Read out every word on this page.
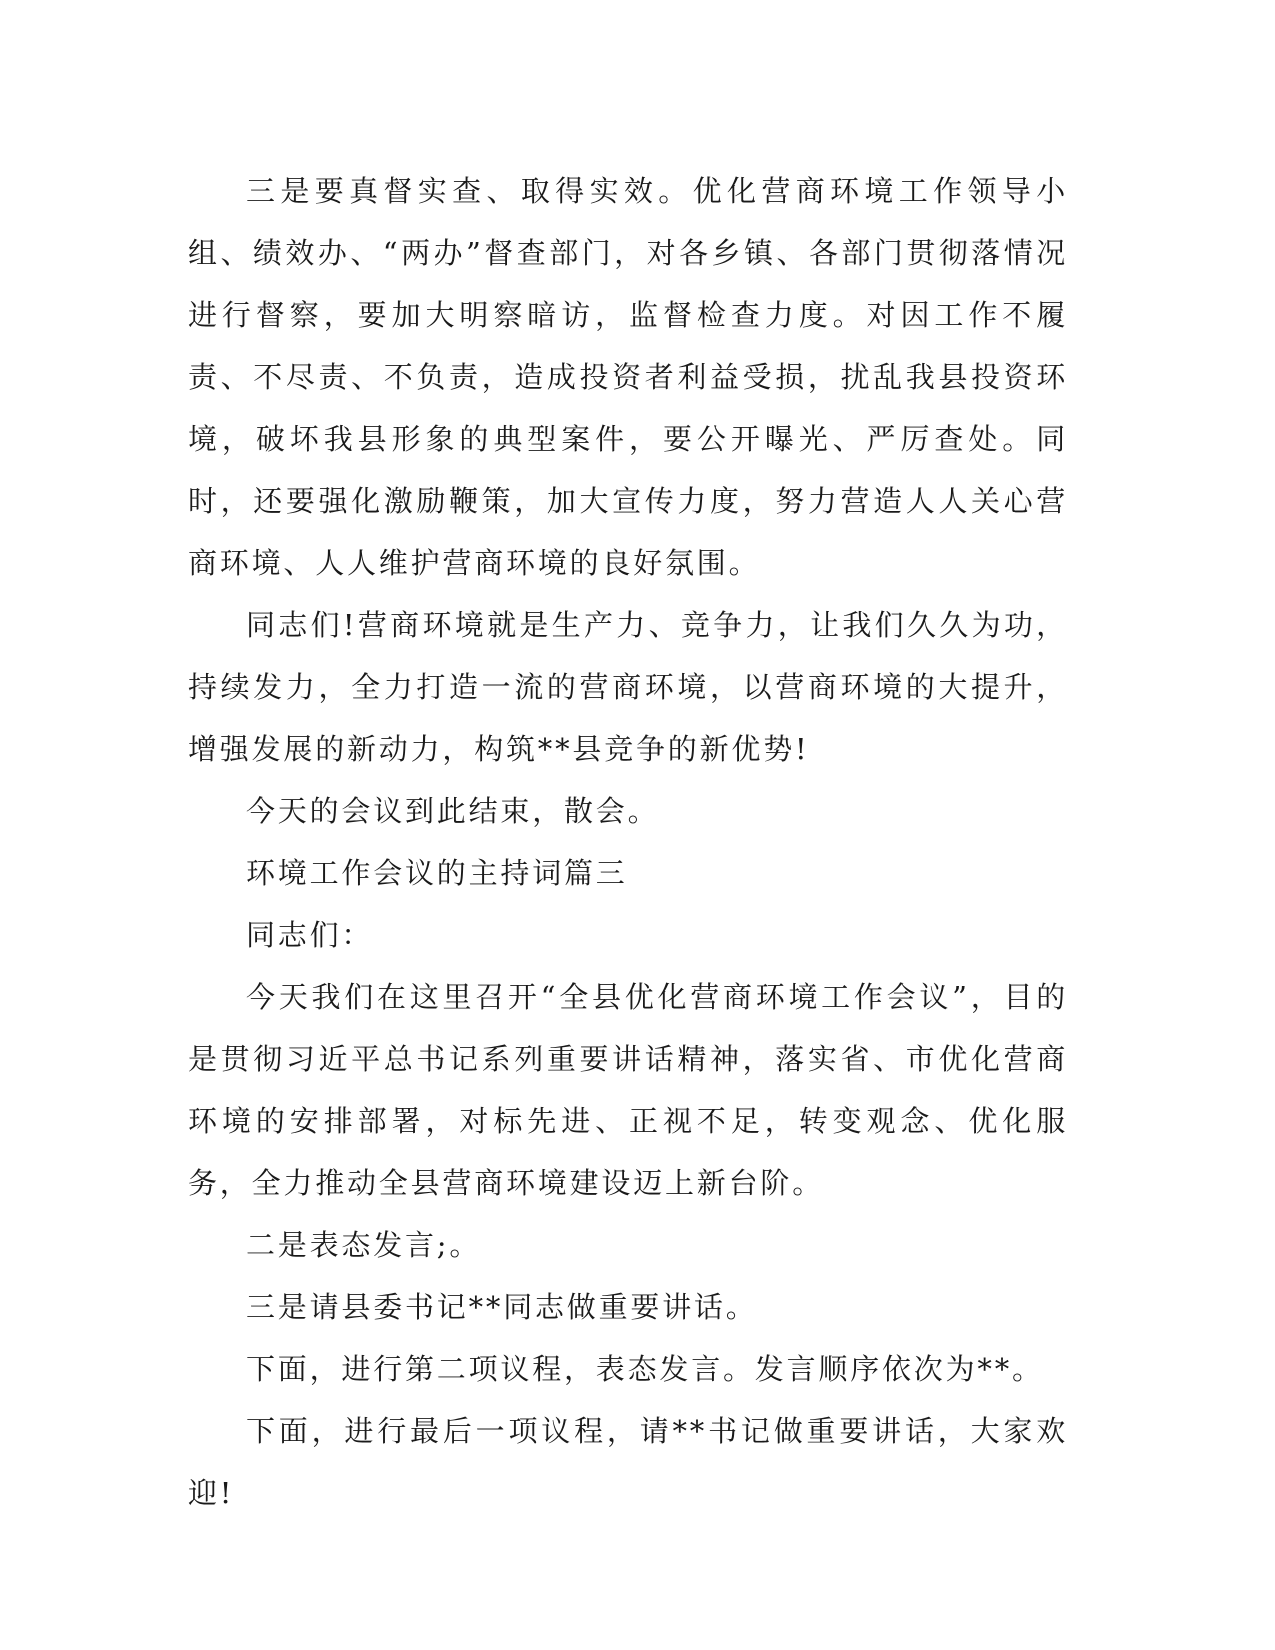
三是要真督实查、取得实效。优化营商环境工作领导小组、绩效办、“两办”督查部门，对各乡镇、各部门贯彻落情况进行督察，要加大明察暗访，监督检查力度。对因工作不履责、不尽责、不负责，造成投资者利益受损，扰乱我县投资环境，破坏我县形象的典型案件，要公开曝光、严厉查处。同时，还要强化激励鞭策，加大宣传力度，努力营造人人关心营商环境、人人维护营商环境的良好氛围。

同志们!营商环境就是生产力、竞争力，让我们久久为功，持续发力，全力打造一流的营商环境，以营商环境的大提升，增强发展的新动力，构筑**县竞争的新优势!

今天的会议到此结束，散会。

环境工作会议的主持词篇三

同志们：

今天我们在这里召开“全县优化营商环境工作会议”，目的是贯彻习近平总书记系列重要讲话精神，落实省、市优化营商环境的安排部署，对标先进、正视不足，转变观念、优化服务，全力推动全县营商环境建设迈上新台阶。

二是表态发言;。

三是请县委书记**同志做重要讲话。

下面，进行第二项议程，表态发言。发言顺序依次为**。

下面，进行最后一项议程，请**书记做重要讲话，大家欢迎!
